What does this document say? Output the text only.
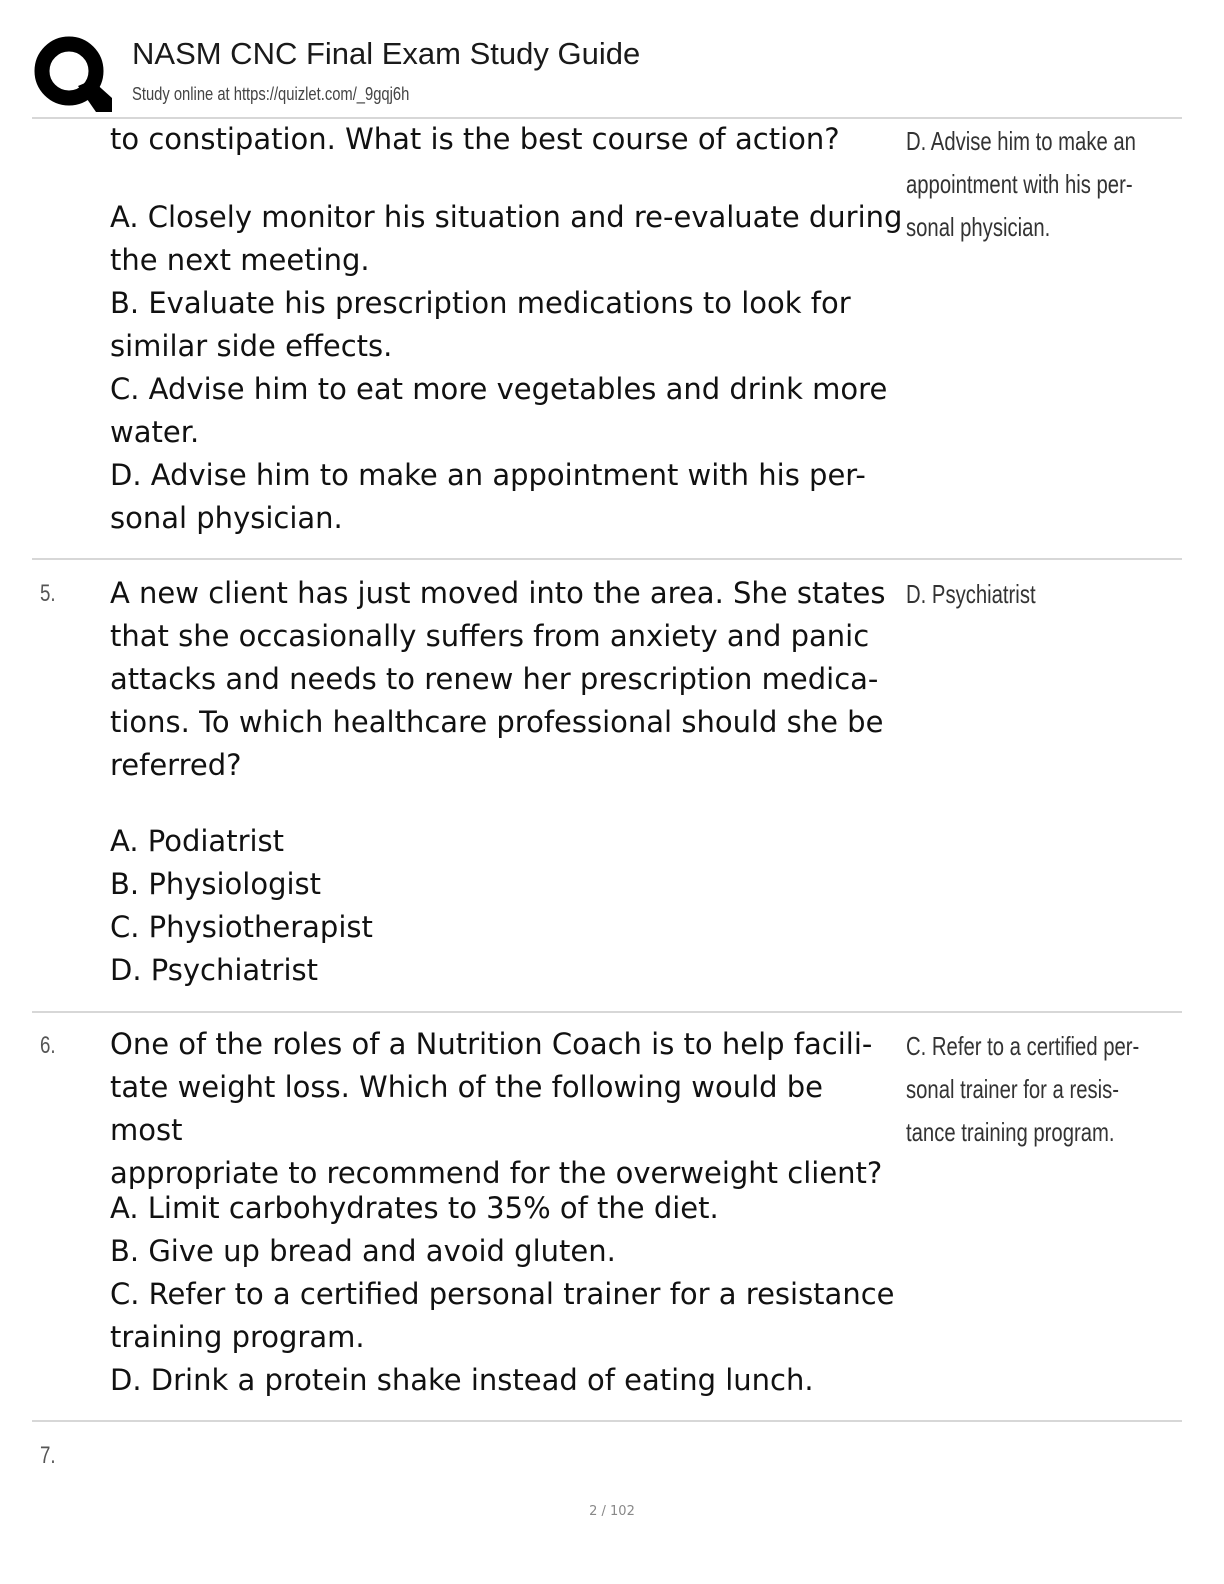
NASM CNC Final Exam Study Guide
Study online at https://quizlet.com/_9gqj6h

to constipation. What is the best course of action?

A. Closely monitor his situation and re-evaluate during
the next meeting.
B. Evaluate his prescription medications to look for
similar side effects.
C. Advise him to eat more vegetables and drink more
water.
D. Advise him to make an appointment with his per-
sonal physician.
D. Advise him to make an
appointment with his per-
sonal physician.
5. A new client has just moved into the area. She states

that she occasionally suffers from anxiety and panic

attacks and needs to renew her prescription medica-

tions. To which healthcare professional should she be

referred?

A. Podiatrist
B. Physiologist
C. Physiotherapist
D. Psychiatrist
D. Psychiatrist
6. One of the roles of a Nutrition Coach is to help facili-

tate weight loss. Which of the following would be most

appropriate to recommend for the overweight client?

A. Limit carbohydrates to 35% of the diet.
B. Give up bread and avoid gluten.
C. Refer to a certified personal trainer for a resistance
training program.
D. Drink a protein shake instead of eating lunch.
C. Refer to a certified per-
sonal trainer for a resis-
tance training program.
7.
2 / 102
